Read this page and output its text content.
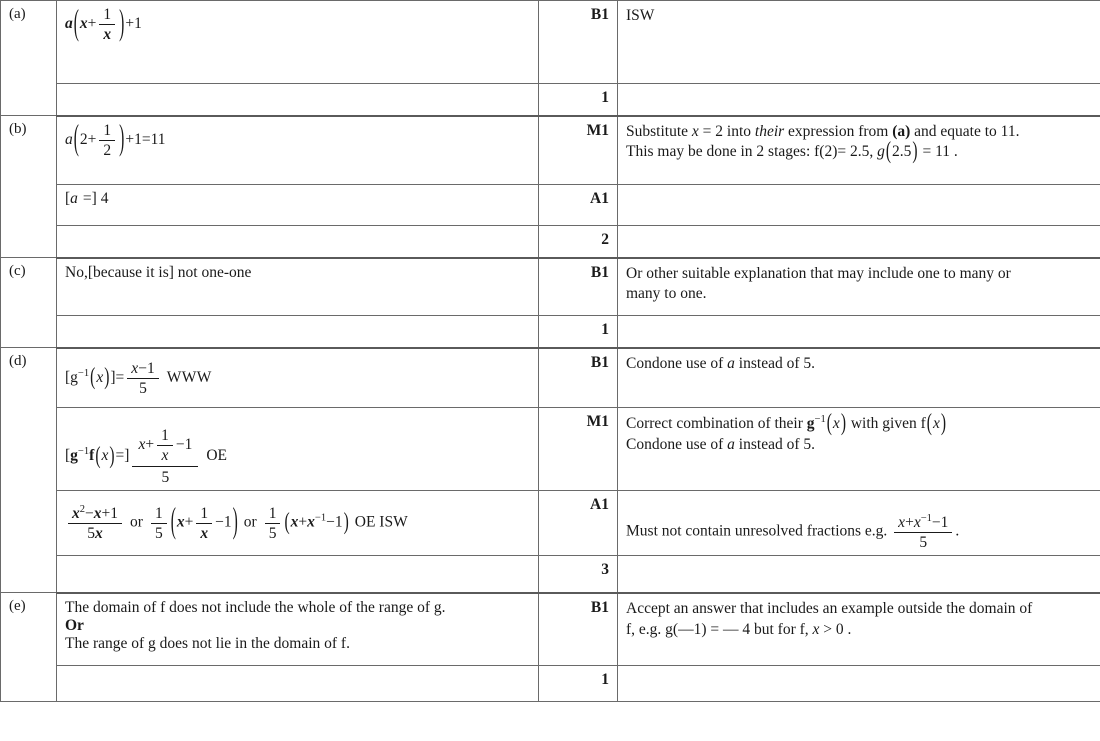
(a)	$a(x+ \frac{1}{x} )+1$	B1	ISW
		1	
(b)	$a(2+ \frac{1}{2} )+1=11$	M1	Substitute x = 2 into their expression from (a) and equate to 11.
This may be done in 2 stages: f(2)= 2.5, g(2.5) = 11 .

	[a =] 4	A1	
		2	
(c)	No,[because it is] not one-one	B1	Or other suitable explanation that may include one to many or
many to one.

		1	
(d)	$[g^{-1}(x)]= \frac{x-1}{5}$ WWW	B1	Condone use of a instead of 5.
$[g^{-1}f(x)=] \frac{x+ \frac{1}{x} -1}{5}$ OE	M1	Correct combination of their $g^{-1}(x)$ with given f(x)
Condone use of a instead of 5.

$\frac{x^2-x+1}{5x}$ or $\frac{1}{5} (x+ \frac{1}{x} -1)$ or $\frac{1}{5} (x+x^{-1}-1)$ OE ISW	A1	Must not contain unresolved fractions e.g. $\frac{x+x^{-1}-1}{5}$ .
		3	
(e)	The domain of f does not include the whole of the range of g.
Or
The range of g does not lie in the domain of f.
	B1	Accept an answer that includes an example outside the domain of
f, e.g. g(—1) = — 4 but for f, x > 0 .

		1	
